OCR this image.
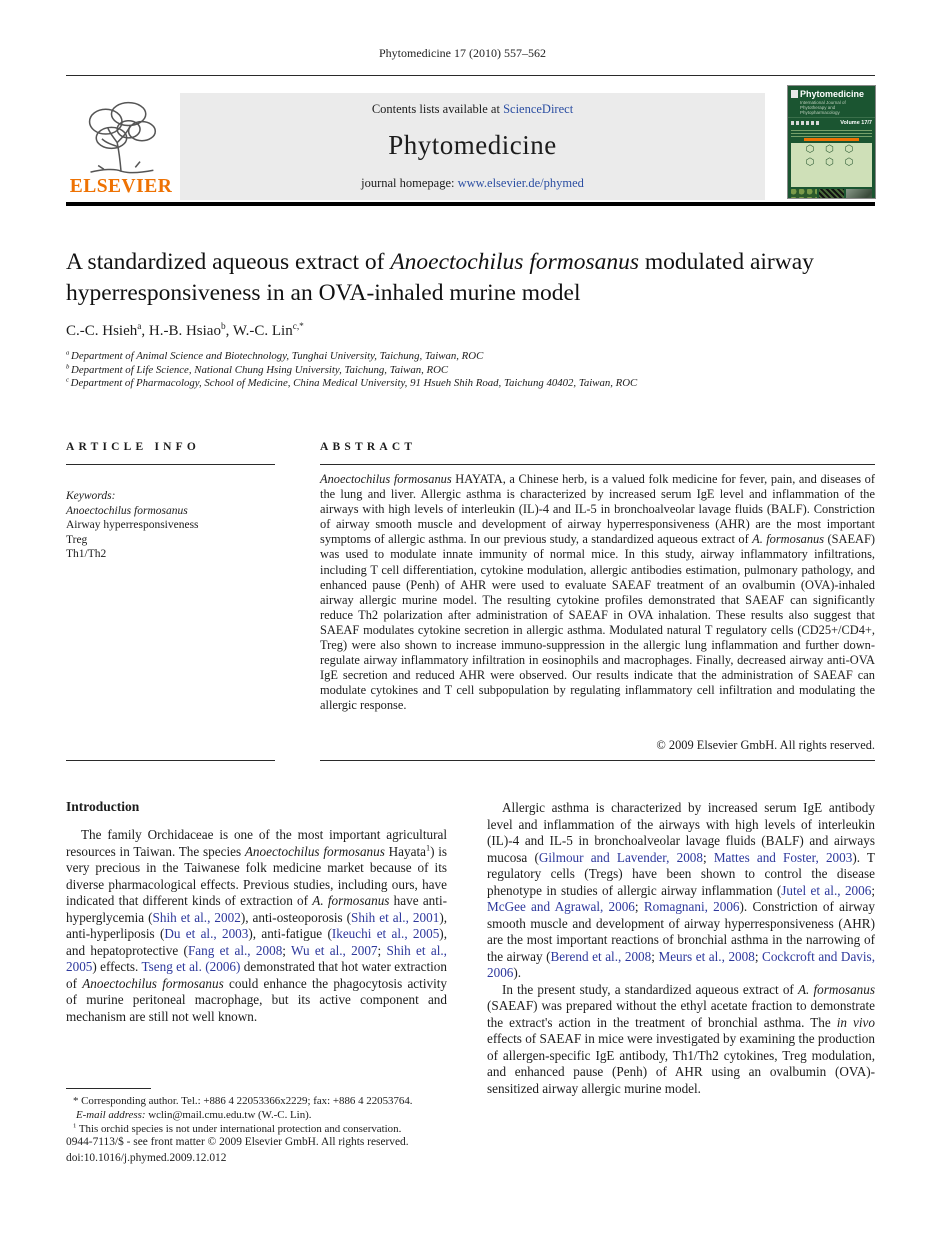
Phytomedicine 17 (2010) 557–562
ELSEVIER
Contents lists available at ScienceDirect
Phytomedicine
journal homepage: www.elsevier.de/phymed
Phytomedicine
International Journal of Phytotherapy and Phytopharmacology
Volume 17/7
⬡ ⬡ ⬡
⬡ ⬡ ⬡
A standardized aqueous extract of Anoectochilus formosanus modulated airway hyperresponsiveness in an OVA-inhaled murine model
C.-C. Hsieh$^a$, H.-B. Hsiao$^b$, W.-C. Lin$^{c,*}$
$^a$ Department of Animal Science and Biotechnology, Tunghai University, Taichung, Taiwan, ROC
$^b$ Department of Life Science, National Chung Hsing University, Taichung, Taiwan, ROC
$^c$ Department of Pharmacology, School of Medicine, China Medical University, 91 Hsueh Shih Road, Taichung 40402, Taiwan, ROC
ARTICLE INFO
Keywords:
Anoectochilus formosanus
Airway hyperresponsiveness
Treg
Th1/Th2
ABSTRACT
Anoectochilus formosanus HAYATA, a Chinese herb, is a valued folk medicine for fever, pain, and diseases of the lung and liver. Allergic asthma is characterized by increased serum IgE level and inflammation of the airways with high levels of interleukin (IL)-4 and IL-5 in bronchoalveolar lavage fluids (BALF). Constriction of airway smooth muscle and development of airway hyperresponsiveness (AHR) are the most important symptoms of allergic asthma. In our previous study, a standardized aqueous extract of A. formosanus (SAEAF) was used to modulate innate immunity of normal mice. In this study, airway inflammatory infiltrations, including T cell differentiation, cytokine modulation, allergic antibodies estimation, pulmonary pathology, and enhanced pause (Penh) of AHR were used to evaluate SAEAF treatment of an ovalbumin (OVA)-inhaled airway allergic murine model. The resulting cytokine profiles demonstrated that SAEAF can significantly reduce Th2 polarization after administration of SAEAF in OVA inhalation. These results also suggest that SAEAF modulates cytokine secretion in allergic asthma. Modulated natural T regulatory cells (CD25+/CD4+, Treg) were also shown to increase immuno-suppression in the allergic lung inflammation and further down-regulate airway inflammatory infiltration in eosinophils and macrophages. Finally, decreased airway anti-OVA IgE secretion and reduced AHR were observed. Our results indicate that the administration of SAEAF can modulate cytokines and T cell subpopulation by regulating inflammatory cell infiltration and modulating the allergic response.
© 2009 Elsevier GmbH. All rights reserved.
Introduction
The family Orchidaceae is one of the most important agricultural resources in Taiwan. The species Anoectochilus formosanus Hayata$^1$) is very precious in the Taiwanese folk medicine market because of its diverse pharmacological effects. Previous studies, including ours, have indicated that different kinds of extraction of A. formosanus have anti-hyperglycemia (Shih et al., 2002), anti-osteoporosis (Shih et al., 2001), anti-hyperliposis (Du et al., 2003), anti-fatigue (Ikeuchi et al., 2005), and hepatoprotective (Fang et al., 2008; Wu et al., 2007; Shih et al., 2005) effects. Tseng et al. (2006) demonstrated that hot water extraction of Anoectochilus formosanus could enhance the phagocytosis activity of murine peritoneal macrophage, but its active component and mechanism are still not well known.

Allergic asthma is characterized by increased serum IgE antibody level and inflammation of the airways with high levels of interleukin (IL)-4 and IL-5 in bronchoalveolar lavage fluids (BALF) and airways mucosa (Gilmour and Lavender, 2008; Mattes and Foster, 2003). T regulatory cells (Tregs) have been shown to control the disease phenotype in studies of allergic airway inflammation (Jutel et al., 2006; McGee and Agrawal, 2006; Romagnani, 2006). Constriction of airway smooth muscle and development of airway hyperresponsiveness (AHR) are the most important reactions of bronchial asthma in the narrowing of the airway (Berend et al., 2008; Meurs et al., 2008; Cockcroft and Davis, 2006).

In the present study, a standardized aqueous extract of A. formosanus (SAEAF) was prepared without the ethyl acetate fraction to demonstrate the extract's action in the treatment of bronchial asthma. The in vivo effects of SAEAF in mice were investigated by examining the production of allergen-specific IgE antibody, Th1/Th2 cytokines, Treg modulation, and enhanced pause (Penh) of AHR using an ovalbumin (OVA)-sensitized airway allergic murine model.

* Corresponding author. Tel.: +886 4 22053366x2229; fax: +886 4 22053764.
E-mail address: wclin@mail.cmu.edu.tw (W.-C. Lin).
$^1$ This orchid species is not under international protection and conservation.
0944-7113/$ - see front matter © 2009 Elsevier GmbH. All rights reserved.
doi:10.1016/j.phymed.2009.12.012
